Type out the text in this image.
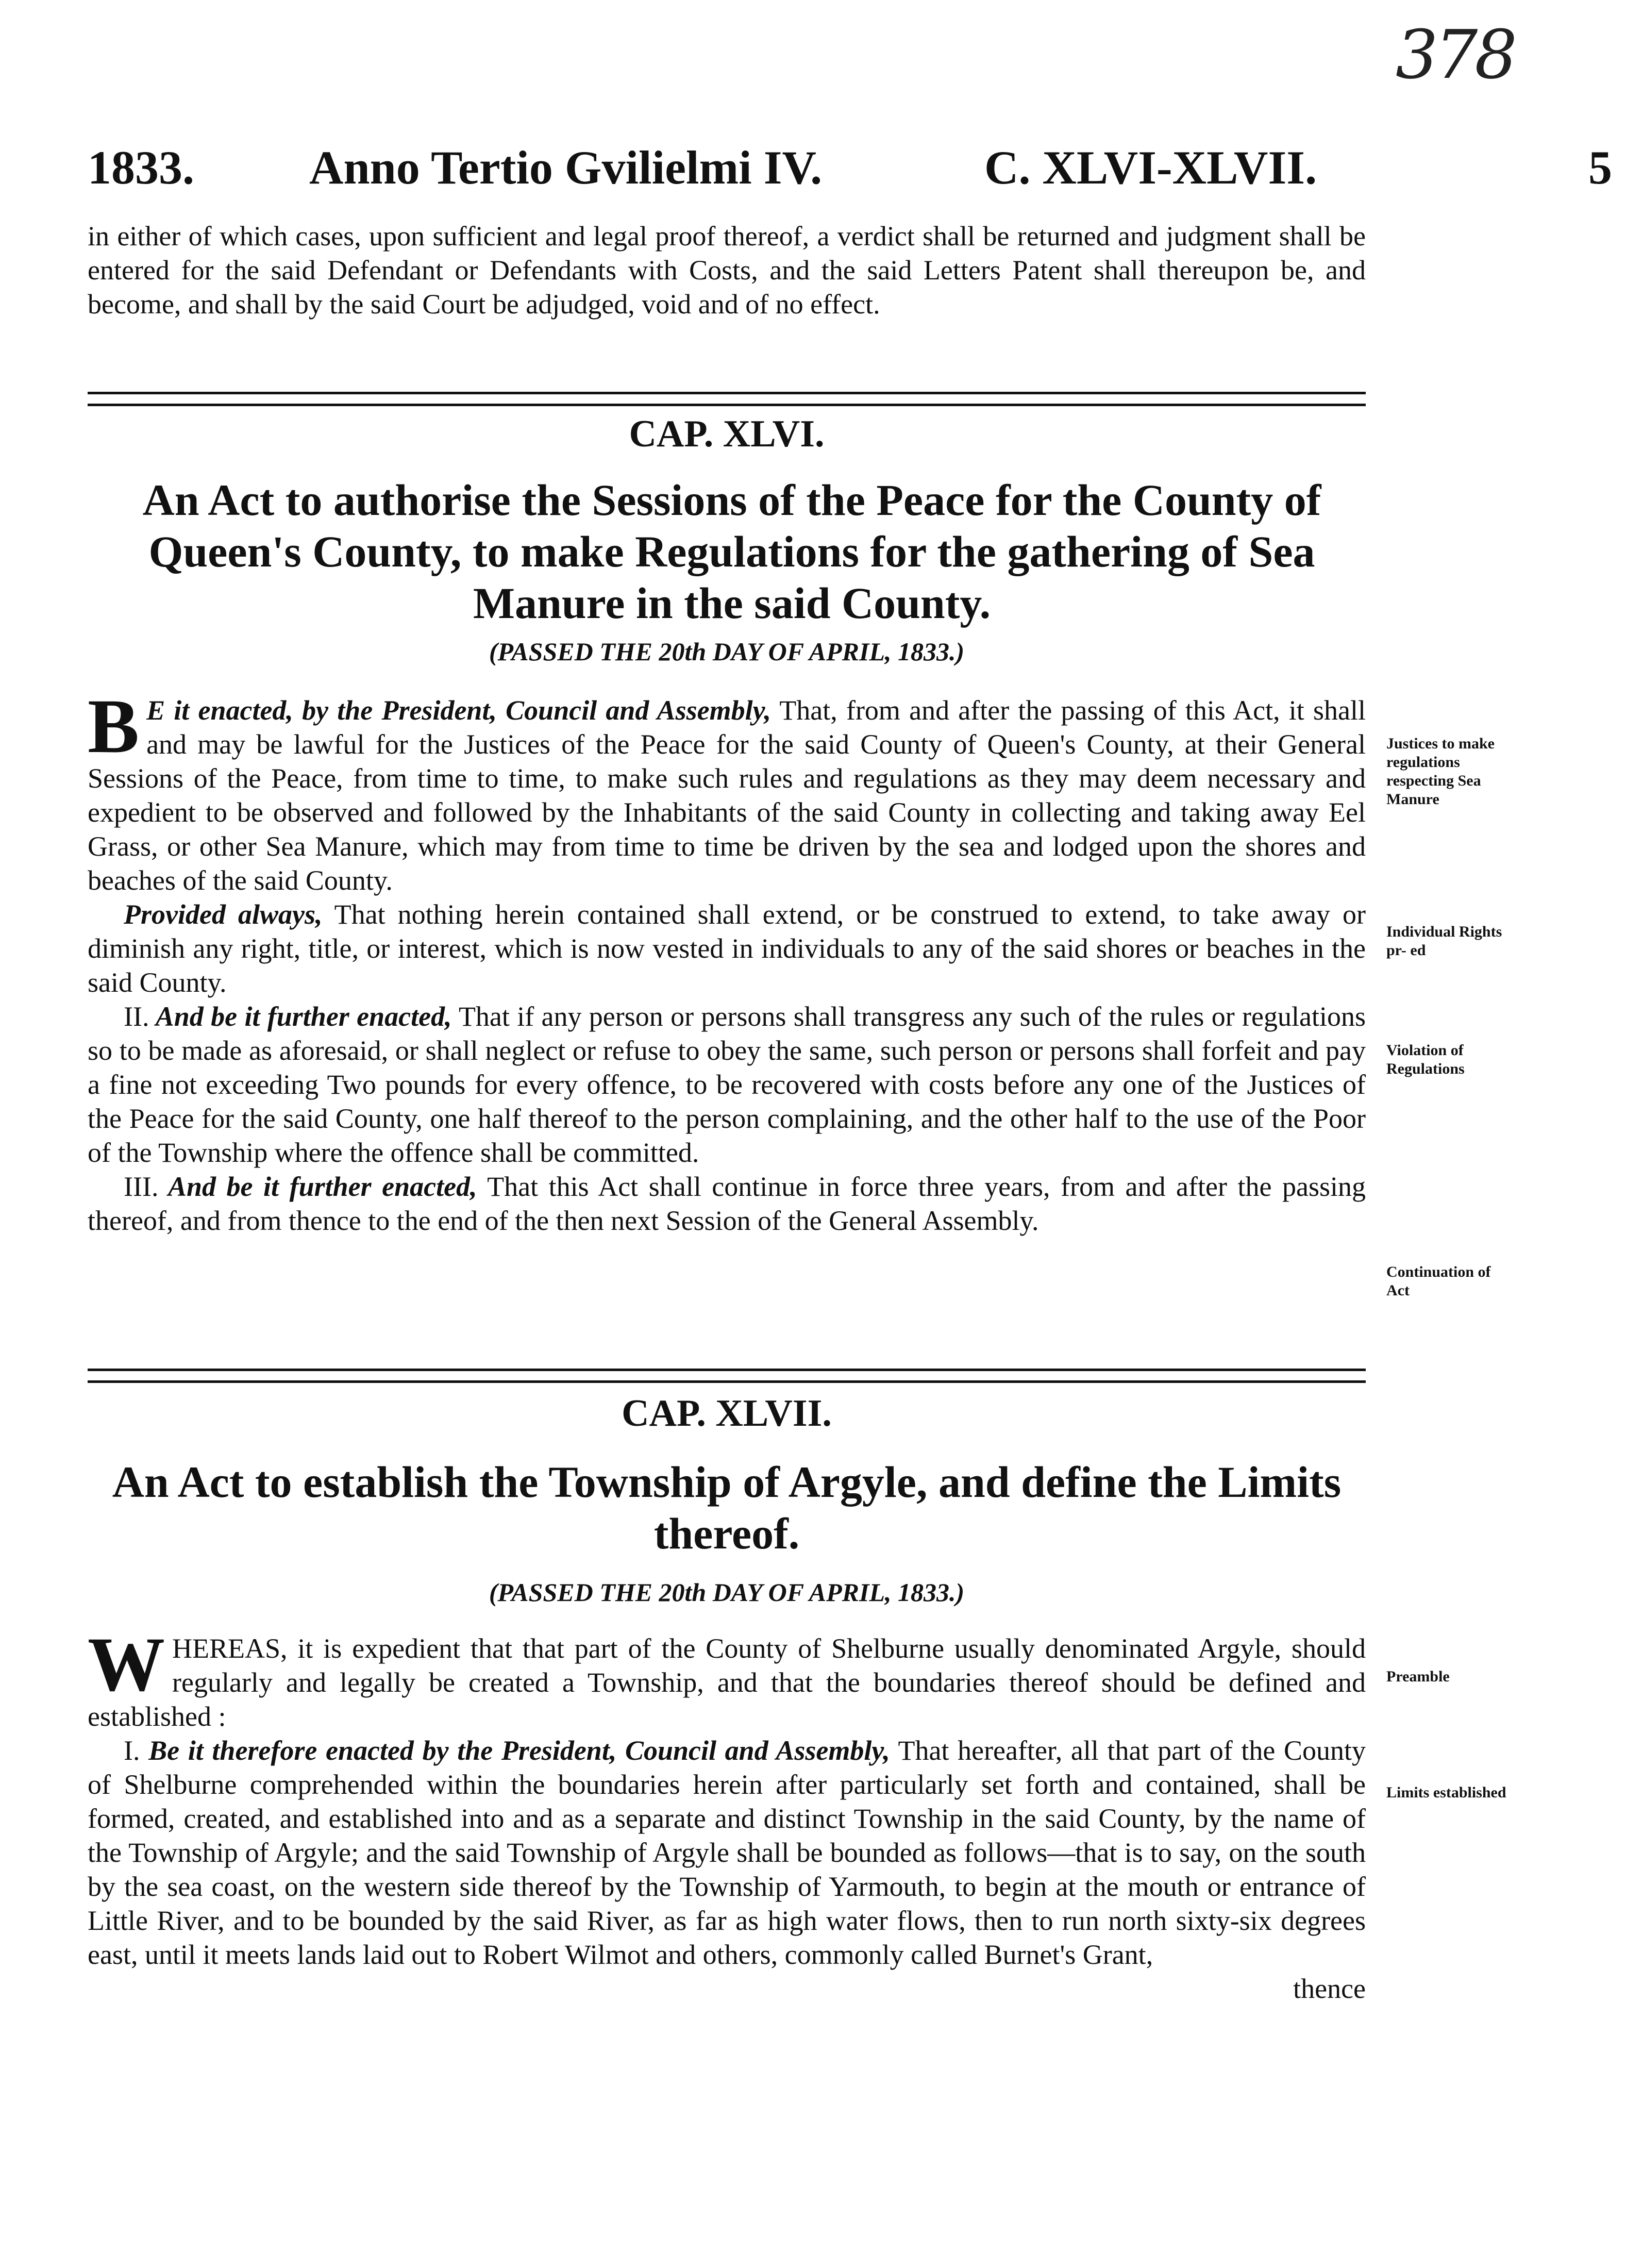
378
1833. Anno Tertio Gvilielmi IV.	C. XLVI-XLVII.	5

in either of which cases, upon sufficient and legal proof thereof, a verdict shall be returned and judgment shall be entered for the said Defendant or Defendants with Costs, and the said Letters Patent shall thereupon be, and become, and shall by the said Court be adjudged, void and of no effect.

CAP. XLVI.
An Act to authorise the Sessions of the Peace for the County of Queen's County, to make Regulations for the gathering of Sea Manure in the said County.
(PASSED THE 20th DAY OF APRIL, 1833.)

B E it enacted, by the President, Council and Assembly, That, from and after the passing of this Act, it shall and may be lawful for the Justices of the Peace for the said County of Queen's County, at their General Sessions of the Peace, from time to time, to make such rules and regulations as they may deem necessary and expedient to be observed and followed by the Inhabitants of the said County in collecting and taking away Eel Grass, or other Sea Manure, which may from time to time be driven by the sea and lodged upon the shores and beaches of the said County.

Provided always, That nothing herein contained shall extend, or be construed to extend, to take away or diminish any right, title, or interest, which is now vested in individuals to any of the said shores or beaches in the said County.

II. And be it further enacted, That if any person or persons shall transgress any such of the rules or regulations so to be made as aforesaid, or shall neglect or refuse to obey the same, such person or persons shall forfeit and pay a fine not exceeding Two pounds for every offence, to be recovered with costs before any one of the Justices of the Peace for the said County, one half thereof to the person complaining, and the other half to the use of the Poor of the Township where the offence shall be committed.

III. And be it further enacted, That this Act shall continue in force three years, from and after the passing thereof, and from thence to the end of the then next Session of the General Assembly.

Justices to make regulations respecting Sea Manure
Individual Rights pr- ed
Violation of Regulations
Continuation of Act
CAP. XLVII.
An Act to establish the Township of Argyle, and define the Limits thereof.
(PASSED THE 20th DAY OF APRIL, 1833.)

WHEREAS, it is expedient that that part of the County of Shelburne usually denominated Argyle, should regularly and legally be created a Township, and that the boundaries thereof should be defined and established :

I. Be it therefore enacted by the President, Council and Assembly, That hereafter, all that part of the County of Shelburne comprehended within the boundaries herein after particularly set forth and contained, shall be formed, created, and established into and as a separate and distinct Township in the said County, by the name of the Township of Argyle; and the said Township of Argyle shall be bounded as follows—that is to say, on the south by the sea coast, on the western side thereof by the Township of Yarmouth, to begin at the mouth or entrance of Little River, and to be bounded by the said River, as far as high water flows, then to run north sixty-six degrees east, until it meets lands laid out to Robert Wilmot and others, commonly called Burnet's Grant,

thence

Preamble
Limits established
